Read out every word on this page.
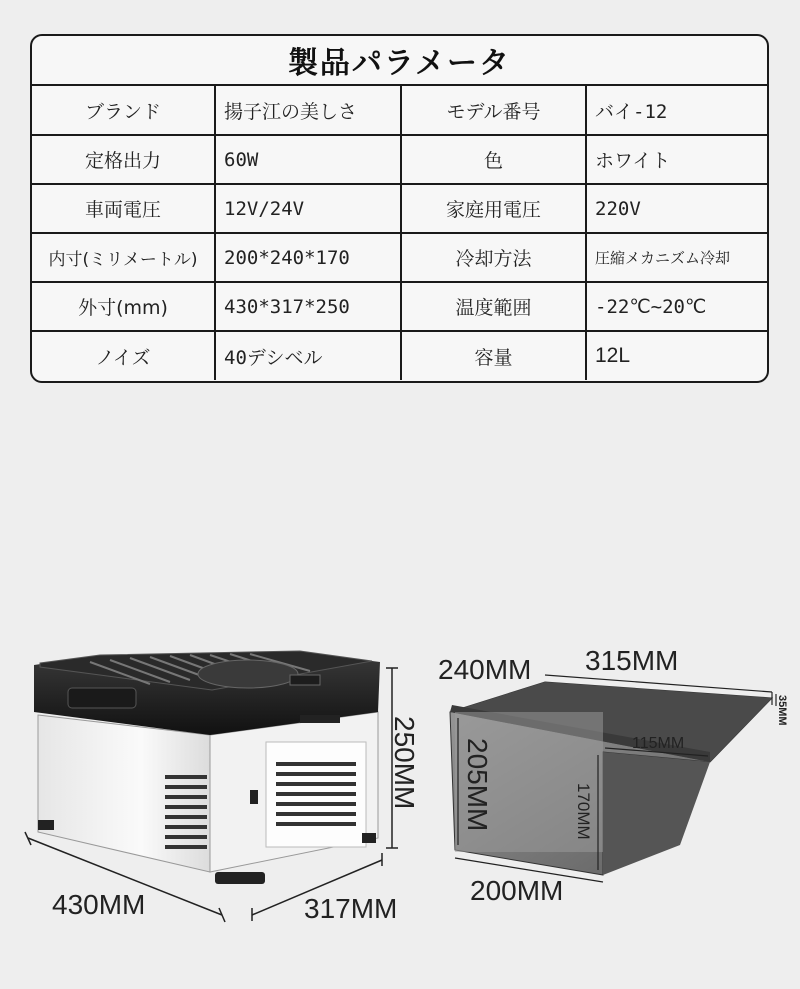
製品パラメータ
ブランド	揚子江の美しさ	モデル番号	バイ-12
定格出力	60W	色	ホワイト
車両電圧	12V/24V	家庭用電圧	220V
内寸(ミリメートル)	200*240*170	冷却方法	圧縮メカニズム冷却
外寸(mm)	430*317*250	温度範囲	-22℃~20℃
ノイズ	40デシベル	容量	12L
250MM
430MM	317MM
240MM 315MM
35MM
115MM
205MM	170MM
200MM
